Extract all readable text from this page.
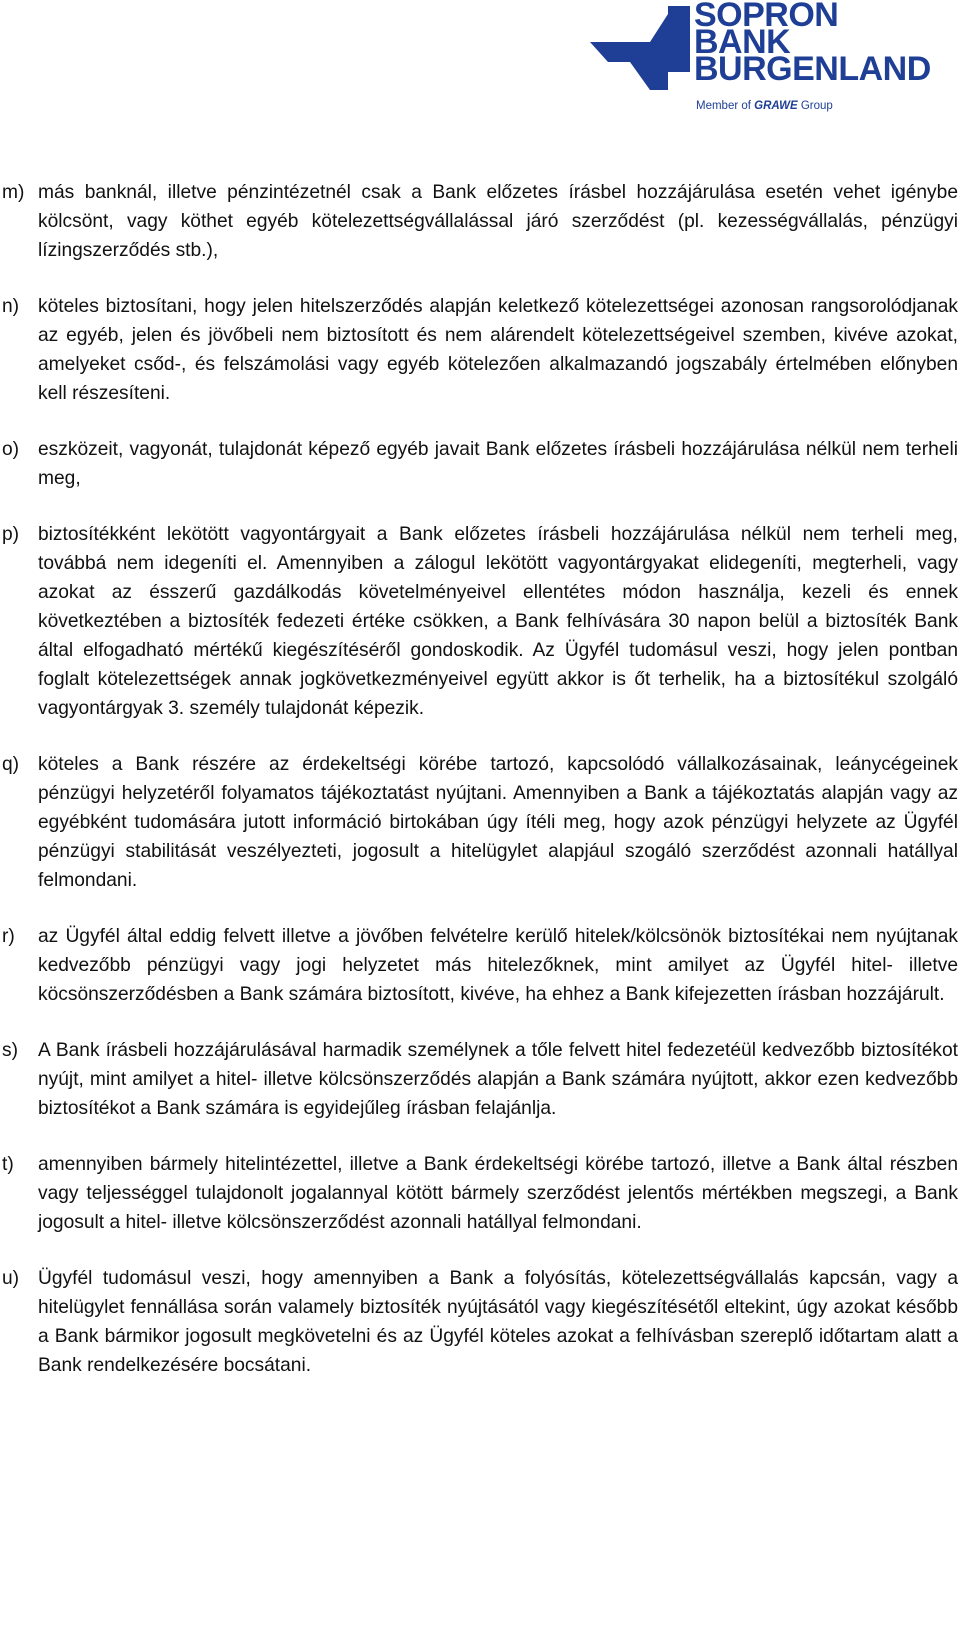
SOPRON
BANK
BURGENLAND
Member of GRAWE Group
m) más banknál, illetve pénzintézetnél csak a Bank előzetes írásbel hozzájárulása esetén vehet igénybe kölcsönt, vagy köthet egyéb kötelezettségvállalással járó szerződést (pl. kezességvállalás, pénzügyi lízingszerződés stb.),
n) köteles biztosítani, hogy jelen hitelszerződés alapján keletkező kötelezettségei azonosan rangsorolódjanak az egyéb, jelen és jövőbeli nem biztosított és nem alárendelt kötelezettségeivel szemben, kivéve azokat, amelyeket csőd-, és felszámolási vagy egyéb kötelezően alkalmazandó jogszabály értelmében előnyben kell részesíteni.
o) eszközeit, vagyonát, tulajdonát képező egyéb javait Bank előzetes írásbeli hozzájárulása nélkül nem terheli meg,
p) biztosítékként lekötött vagyontárgyait a Bank előzetes írásbeli hozzájárulása nélkül nem terheli meg, továbbá nem idegeníti el. Amennyiben a zálogul lekötött vagyontárgyakat elidegeníti, megterheli, vagy azokat az ésszerű gazdálkodás követelményeivel ellentétes módon használja, kezeli és ennek következtében a biztosíték fedezeti értéke csökken, a Bank felhívására 30 napon belül a biztosíték Bank által elfogadható mértékű kiegészítéséről gondoskodik. Az Ügyfél tudomásul veszi, hogy jelen pontban foglalt kötelezettségek annak jogkövetkezményeivel együtt akkor is őt terhelik, ha a biztosítékul szolgáló vagyontárgyak 3. személy tulajdonát képezik.
q) köteles a Bank részére az érdekeltségi körébe tartozó, kapcsolódó vállalkozásainak, leánycégeinek pénzügyi helyzetéről folyamatos tájékoztatást nyújtani. Amennyiben a Bank a tájékoztatás alapján vagy az egyébként tudomására jutott információ birtokában úgy ítéli meg, hogy azok pénzügyi helyzete az Ügyfél pénzügyi stabilitását veszélyezteti, jogosult a hitelügylet alapjául szogáló szerződést azonnali hatállyal felmondani.
r)	az Ügyfél által eddig felvett illetve a jövőben felvételre kerülő hitelek/kölcsönök biztosítékai nem nyújtanak kedvezőbb pénzügyi vagy jogi helyzetet más hitelezőknek, mint amilyet az Ügyfél hitel- illetve köcsönszerződésben a Bank számára biztosított, kivéve, ha ehhez a Bank kifejezetten írásban hozzájárult.
s)	A Bank írásbeli hozzájárulásával harmadik személynek a tőle felvett hitel fedezetéül kedvezőbb biztosítékot nyújt, mint amilyet a hitel- illetve kölcsönszerződés alapján a Bank számára nyújtott, akkor ezen kedvezőbb biztosítékot a Bank számára is egyidejűleg írásban felajánlja.
t)	amennyiben bármely hitelintézettel, illetve a Bank érdekeltségi körébe tartozó, illetve a Bank által részben vagy teljességgel tulajdonolt jogalannyal kötött bármely szerződést jelentős mértékben megszegi, a Bank jogosult a hitel- illetve kölcsönszerződést azonnali hatállyal felmondani.
u) Ügyfél tudomásul veszi, hogy amennyiben a Bank a folyósítás, kötelezettségvállalás kapcsán, vagy a hitelügylet fennállása során valamely biztosíték nyújtásától vagy kiegészítésétől eltekint, úgy azokat később a Bank bármikor jogosult megkövetelni és az Ügyfél köteles azokat a felhívásban szereplő időtartam alatt a Bank rendelkezésére bocsátani.
